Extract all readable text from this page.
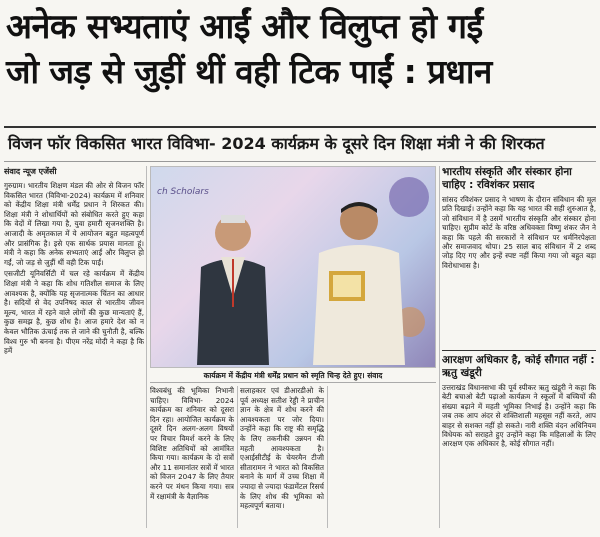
अनेक सभ्यताएं आईं और विलुप्त हो गईं
जो जड़ से जुड़ीं थीं वही टिक पाईं : प्रधान
विजन फॉर विकसित भारत विविभा- 2024 कार्यक्रम के दूसरे दिन शिक्षा मंत्री ने की शिरकत
संवाद न्यूज एजेंसी

गुरुग्राम। भारतीय शिक्षण मंडल की ओर से विजन फॉर विकसित भारत (विविभा-2024) कार्यक्रम में शनिवार को केंद्रीय शिक्षा मंत्री धर्मेंद्र प्रधान ने शिरकत की। शिक्षा मंत्री ने शोधार्थियों को संबोधित करते हुए कहा कि वेदों में लिखा गया है, युवा हमारी सृजनशक्ति है। आजादी के अमृतकाल में ये आयोजन बहुत महत्वपूर्ण और प्रासंगिक है। इसे एक सार्थक प्रयास मानता हूं। मंत्री ने कहा कि अनेक सभ्यताएं आईं और विलुप्त हो गईं, जो जड़ से जुड़ीं थीं वही टिक पाईं।

एसजीटी यूनिवर्सिटी में चल रहे कार्यक्रम में केंद्रीय शिक्षा मंत्री ने कहा कि शोध गतिशील समाज के लिए आवश्यक है, क्योंकि यह सृजनात्मक चिंतन का आधार है। सदियों से वेद उपनिषद काल से भारतीय जीवन मूल्य, भारत में रहने वाले लोगों की कुछ मान्यताएं हैं, कुछ समझ है, कुछ शोध है। आज हमारे देश को न केवल भौतिक ऊंचाई तक ले जाने की चुनौती है, बल्कि विश्व गुरु भी बनना है। पीएम नरेंद्र मोदी ने कहा है कि हमें

ch Scholars
कार्यक्रम में केंद्रीय मंत्री धर्मेंद्र प्रधान को स्मृति चिन्ह देते हुए। संवाद
विश्वबंधु की भूमिका निभानी चाहिए। विविभा- 2024 कार्यक्रम का शनिवार को दूसरा दिन रहा। आयोजित कार्यक्रम के दूसरे दिन अलग-अलग विषयों पर विचार विमर्श करने के लिए विशिष्ट अतिथियों को आमंत्रित किया गया। कार्यक्रम के दो सत्रों और 11 समानांतर सत्रों में भारत को विजन 2047 के लिए तैयार करने पर मंथन किया गया। सत्र में रक्षामंत्री के वैज्ञानिक
सलाहकार एवं डीआरडीओ के पूर्व अध्यक्ष सतीश रेड्डी ने प्राचीन ज्ञान के क्षेत्र में शोध करने की आवश्यकता पर जोर दिया। उन्होंने कहा कि राष्ट्र की समृद्धि के लिए तकनीकी उन्नयन की महती आवश्यकता है। एआईसीटीई के चेयरमैन टीजी सीतारामन ने भारत को विकसित बनाने के मार्ग में उच्च शिक्षा में ज्यादा से ज्यादा फंडामेंटल रिसर्च के लिए शोध की भूमिका को महत्वपूर्ण बताया।
भारतीय संस्कृति और संस्कार होना चाहिए : रविशंकर प्रसाद
सांसद रविशंकर प्रसाद ने भाषण के दौरान संविधान की मूल प्रति दिखाई। उन्होंने कहा कि यह भारत की सही शुरुआत है, जो संविधान में है उसमें भारतीय संस्कृति और संस्कार होना चाहिए। सुप्रीम कोर्ट के वरिष्ठ अधिवक्ता विष्णु शंकर जैन ने कहा कि पहले की सरकारों ने संविधान पर धर्मनिरपेक्षता और समाजवाद थोपा। 25 साल बाद संविधान में 2 शब्द जोड़ दिए गए और इन्हें स्पष्ट नहीं किया गया जो बहुत बड़ा विरोधाभास है।
आरक्षण अधिकार है, कोई सौगात नहीं : ऋतु खंडूरी
उत्तराखंड विधानसभा की पूर्व स्पीकर ऋतु खंडूरी ने कहा कि बेटी बचाओ बेटी पढ़ाओ कार्यक्रम ने स्कूलों में बच्चियों की संख्या बढ़ाने में महती भूमिका निभाई है। उन्होंने कहा कि जब तक आप अंदर से शक्तिशाली महसूस नहीं करते, आप बाहर से सशक्त नहीं हो सकते। नारी शक्ति वंदन अधिनियम विधेयक को सराहते हुए उन्होंने कहा कि महिलाओं के लिए आरक्षण एक अधिकार है, कोई सौगात नहीं।
